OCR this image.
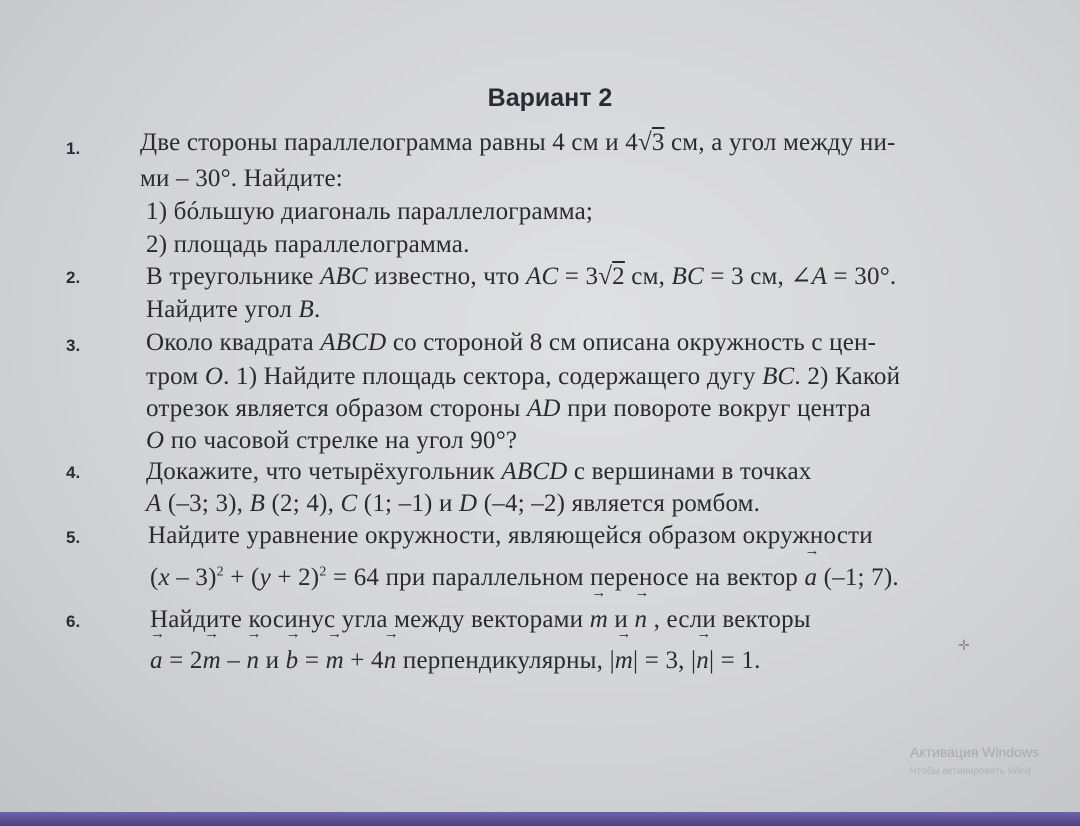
Вариант 2
1.	Две стороны параллелограмма равны 4 см и 4√3 см, а угол между ни-
ми – 30°. Найдите:
1) бóльшую диагональ параллелограмма;
2) площадь параллелограмма.
2.	В треугольнике ABC известно, что AC = 3√2 см, BC = 3 см, ∠A = 30°.
Найдите угол B.
3.	Около квадрата ABCD со стороной 8 см описана окружность с цен-
тром O. 1) Найдите площадь сектора, содержащего дугу BC. 2) Какой
отрезок является образом стороны AD при повороте вокруг центра
O по часовой стрелке на угол 90°?
4.	Докажите, что четырёхугольник ABCD с вершинами в точках
A (–3; 3), B (2; 4), C (1; –1) и D (–4; –2) является ромбом.
5.	Найдите уравнение окружности, являющейся образом окружности
$(x - 3)^2 + (y + 2)^2 = 64$ при параллельном переносе на вектор a → (–1; 7).
6.	Найдите косинус угла между векторами m → и n → , если векторы
a → = 2m → – n → и b → = m → + 4n → перпендикулярны, |m →| = 3, |n →| = 1.
✛
Активация Windows
Чтобы активировать Wind
